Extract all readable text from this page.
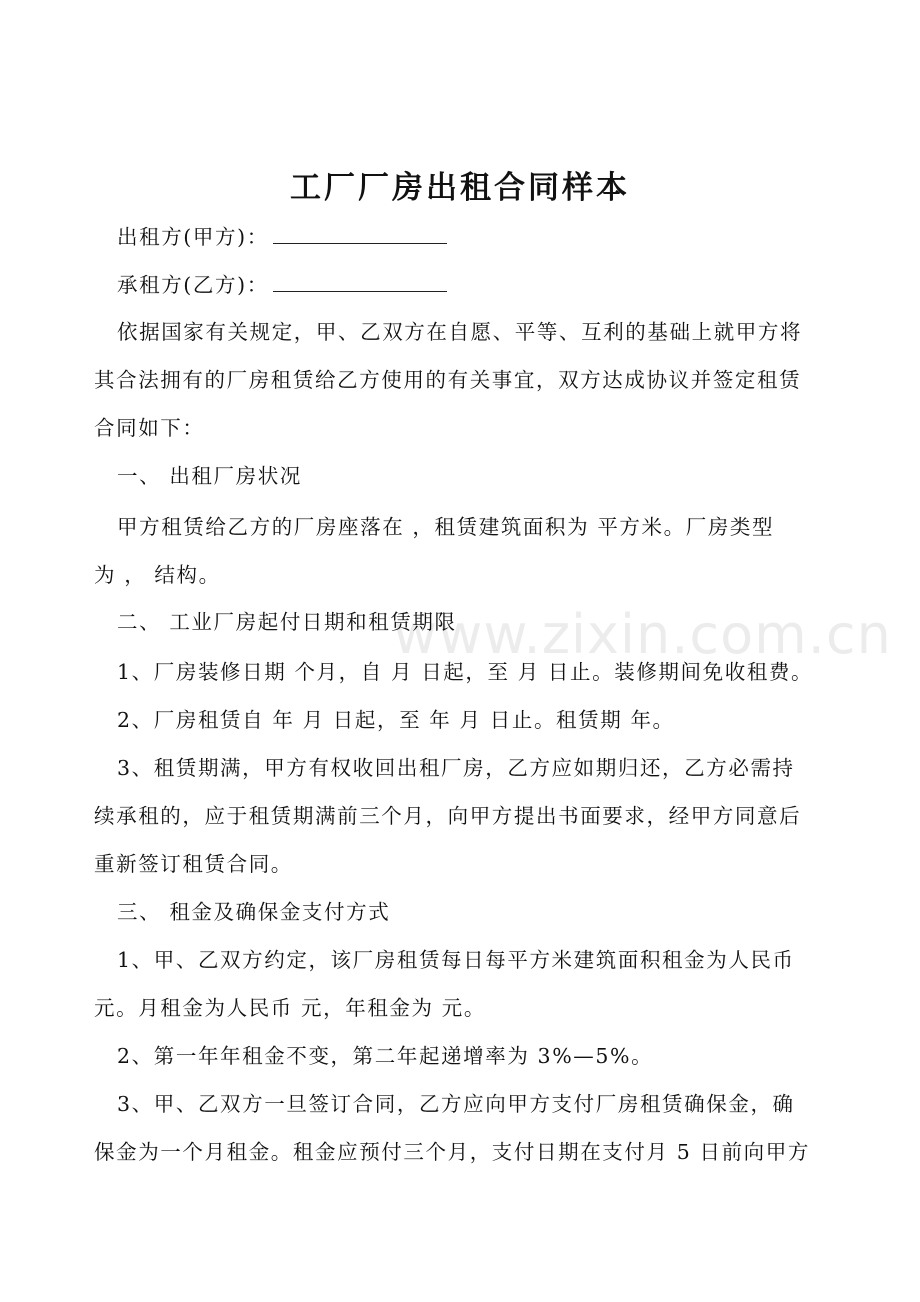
工厂厂房出租合同样本
出租方(甲方)：
承租方(乙方)：
依据国家有关规定，甲、乙双方在自愿、平等、互利的基础上就甲方将
其合法拥有的厂房租赁给乙方使用的有关事宜，双方达成协议并签定租赁
合同如下：
一、 出租厂房状况
甲方租赁给乙方的厂房座落在 ，租赁建筑面积为 平方米。厂房类型
为 ， 结构。
二、 工业厂房起付日期和租赁期限
1、厂房装修日期 个月，自 月 日起，至 月 日止。装修期间免收租费。
2、厂房租赁自 年 月 日起，至 年 月 日止。租赁期 年。
3、租赁期满，甲方有权收回出租厂房，乙方应如期归还，乙方必需持
续承租的，应于租赁期满前三个月，向甲方提出书面要求，经甲方同意后
重新签订租赁合同。
三、 租金及确保金支付方式
1、甲、乙双方约定，该厂房租赁每日每平方米建筑面积租金为人民币
元。月租金为人民币 元，年租金为 元。
2、第一年年租金不变，第二年起递增率为 3%—5%。
3、甲、乙双方一旦签订合同，乙方应向甲方支付厂房租赁确保金，确
保金为一个月租金。租金应预付三个月，支付日期在支付月 5 日前向甲方
www.zixin.com.cn
